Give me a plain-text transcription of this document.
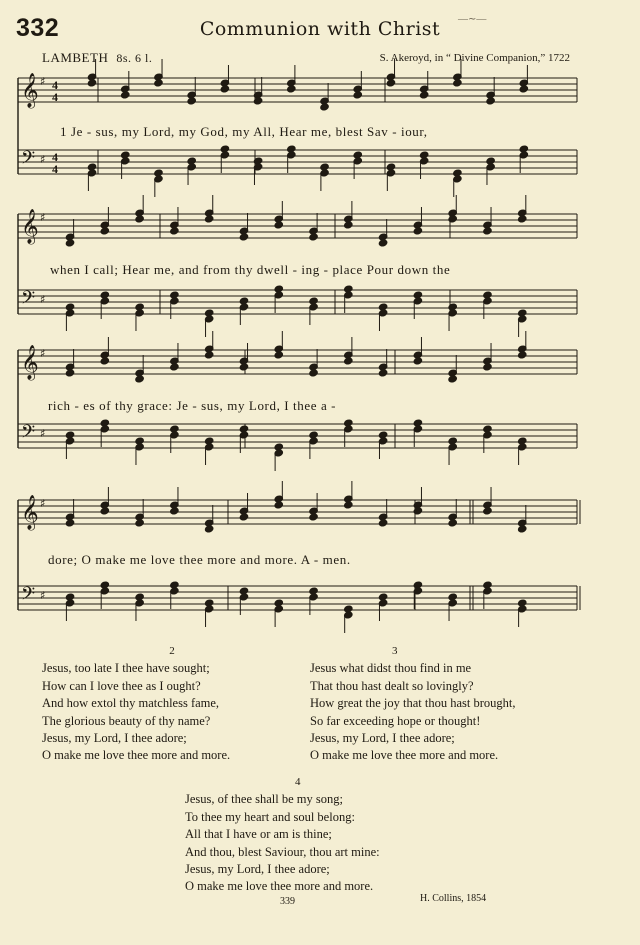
332	Communion with Christ	—∼—
LAMBETH 8s. 6 l.	S. Akeroyd, in “ Divine Companion,” 1722
𝄞 ♯ 4
4
𝄢 ♯ 4
4
𝄞 ♯
𝄢 ♯
𝄞 ♯
𝄢 ♯
𝄞 ♯
𝄢 ♯
1 Je - sus, my Lord, my God, my All, Hear me, blest Sav - iour,
when I call; Hear me, and from thy dwell - ing - place Pour down the
rich - es of thy grace: Je - sus, my Lord, I thee a -
dore; O make me love thee more and more. A - men.
2
Jesus, too late I thee have sought;
How can I love thee as I ought?
And how extol thy matchless fame,
The glorious beauty of thy name?
Jesus, my Lord, I thee adore;
O make me love thee more and more.
3
Jesus what didst thou find in me
That thou hast dealt so lovingly?
How great the joy that thou hast brought,
So far exceeding hope or thought!
Jesus, my Lord, I thee adore;
O make me love thee more and more.
4
Jesus, of thee shall be my song;
To thee my heart and soul belong:
All that I have or am is thine;
And thou, blest Saviour, thou art mine:
Jesus, my Lord, I thee adore;
O make me love thee more and more.
339	H. Collins, 1854
